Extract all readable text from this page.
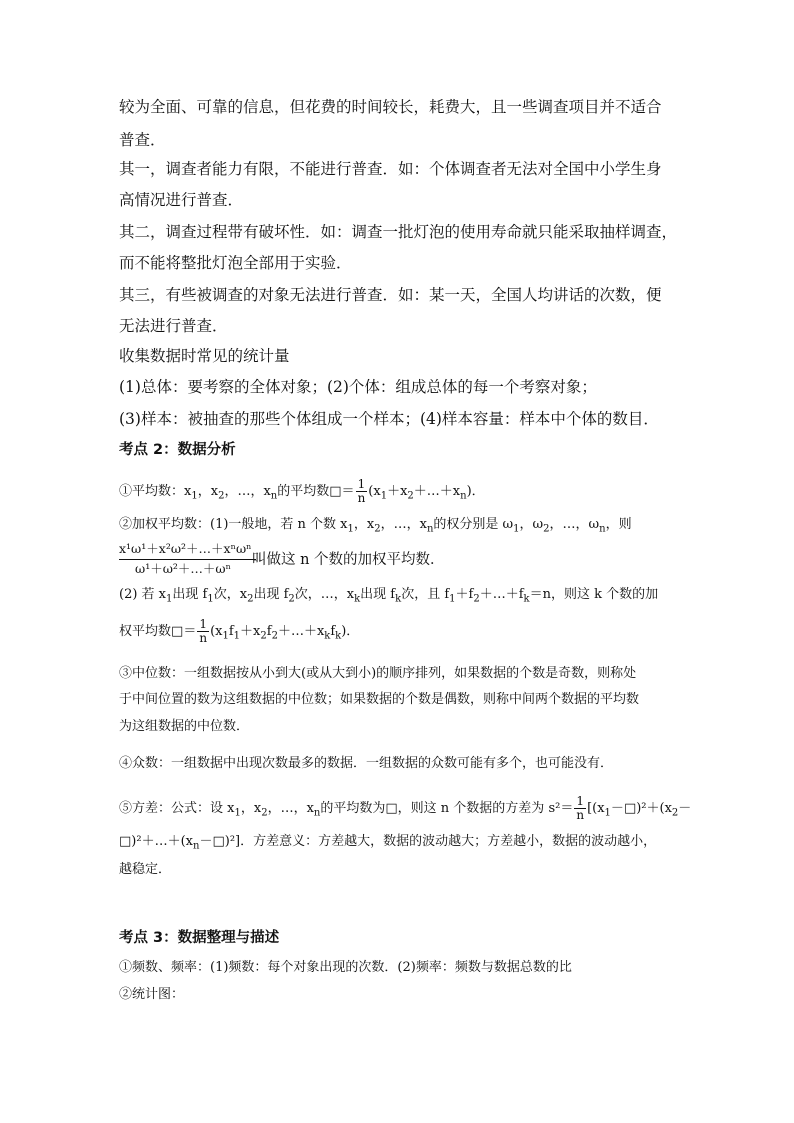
较为全面、可靠的信息，但花费的时间较长，耗费大，且一些调查项目并不适合
普查．
其一，调查者能力有限，不能进行普查．如：个体调查者无法对全国中小学生身
高情况进行普查．
其二，调查过程带有破坏性．如：调查一批灯泡的使用寿命就只能采取抽样调查，
而不能将整批灯泡全部用于实验．
其三，有些被调查的对象无法进行普查．如：某一天，全国人均讲话的次数，便
无法进行普查．
收集数据时常见的统计量
(1)总体：要考察的全体对象；(2)个体：组成总体的每一个考察对象；
(3)样本：被抽查的那些个体组成一个样本；(4)样本容量：样本中个体的数目．
考点 2：数据分析
①平均数：$x_1$，$x_2$，…，$x_n$的平均数□＝ $\frac{1}{n}$ $(x_1+x_2+\dots+x_n)$．
②加权平均数：(1)一般地，若 n 个数 $x_1$，$x_2$，…，$x_n$的权分别是 $\omega_1$，$\omega_2$，…，$\omega_n$，则
x¹ω¹＋x²ω²＋…＋xⁿωⁿ
ω¹＋ω²＋…＋ωⁿ
叫做这 n 个数的加权平均数．
(2) 若 $x_1$出现 $f_1$次，$x_2$出现 $f_2$次，…，$x_k$出现 $f_k$次，且 $f_1+f_2+\dots+f_k=n$，则这 k 个数的加
权平均数□＝ $\frac{1}{n}$ $(x_1f_1+x_2f_2+\dots+x_kf_k)$．
③中位数：一组数据按从小到大(或从大到小)的顺序排列，如果数据的个数是奇数，则称处
于中间位置的数为这组数据的中位数；如果数据的个数是偶数，则称中间两个数据的平均数
为这组数据的中位数．
④众数：一组数据中出现次数最多的数据．一组数据的众数可能有多个，也可能没有．
⑤方差：公式：设 $x_1$，$x_2$，…，$x_n$的平均数为□，则这 n 个数据的方差为 $s^2= \frac{1}{n}$ [$(x_1-□)^2+(x_2-$
$□)^2+\dots+(x_n-□)^2$]．方差意义：方差越大，数据的波动越大；方差越小，数据的波动越小，
越稳定．
考点 3：数据整理与描述
①频数、频率：(1)频数：每个对象出现的次数．(2)频率：频数与数据总数的比
②统计图：
